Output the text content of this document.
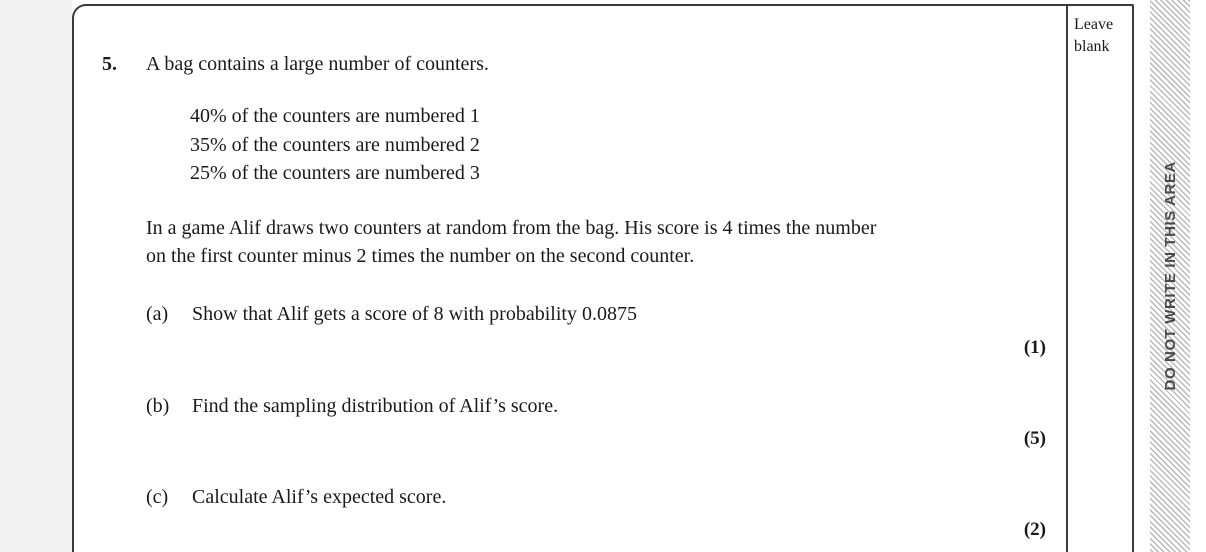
Leave
blank
5.	A bag contains a large number of counters.
40% of the counters are numbered 1
35% of the counters are numbered 2
25% of the counters are numbered 3
In a game Alif draws two counters at random from the bag. His score is 4 times the number
on the first counter minus 2 times the number on the second counter.
(a)	Show that Alif gets a score of 8 with probability 0.0875
(1)
(b)	Find the sampling distribution of Alif’s score.
(5)
(c)	Calculate Alif’s expected score.
(2)
DO NOT WRITE IN THIS AREA
